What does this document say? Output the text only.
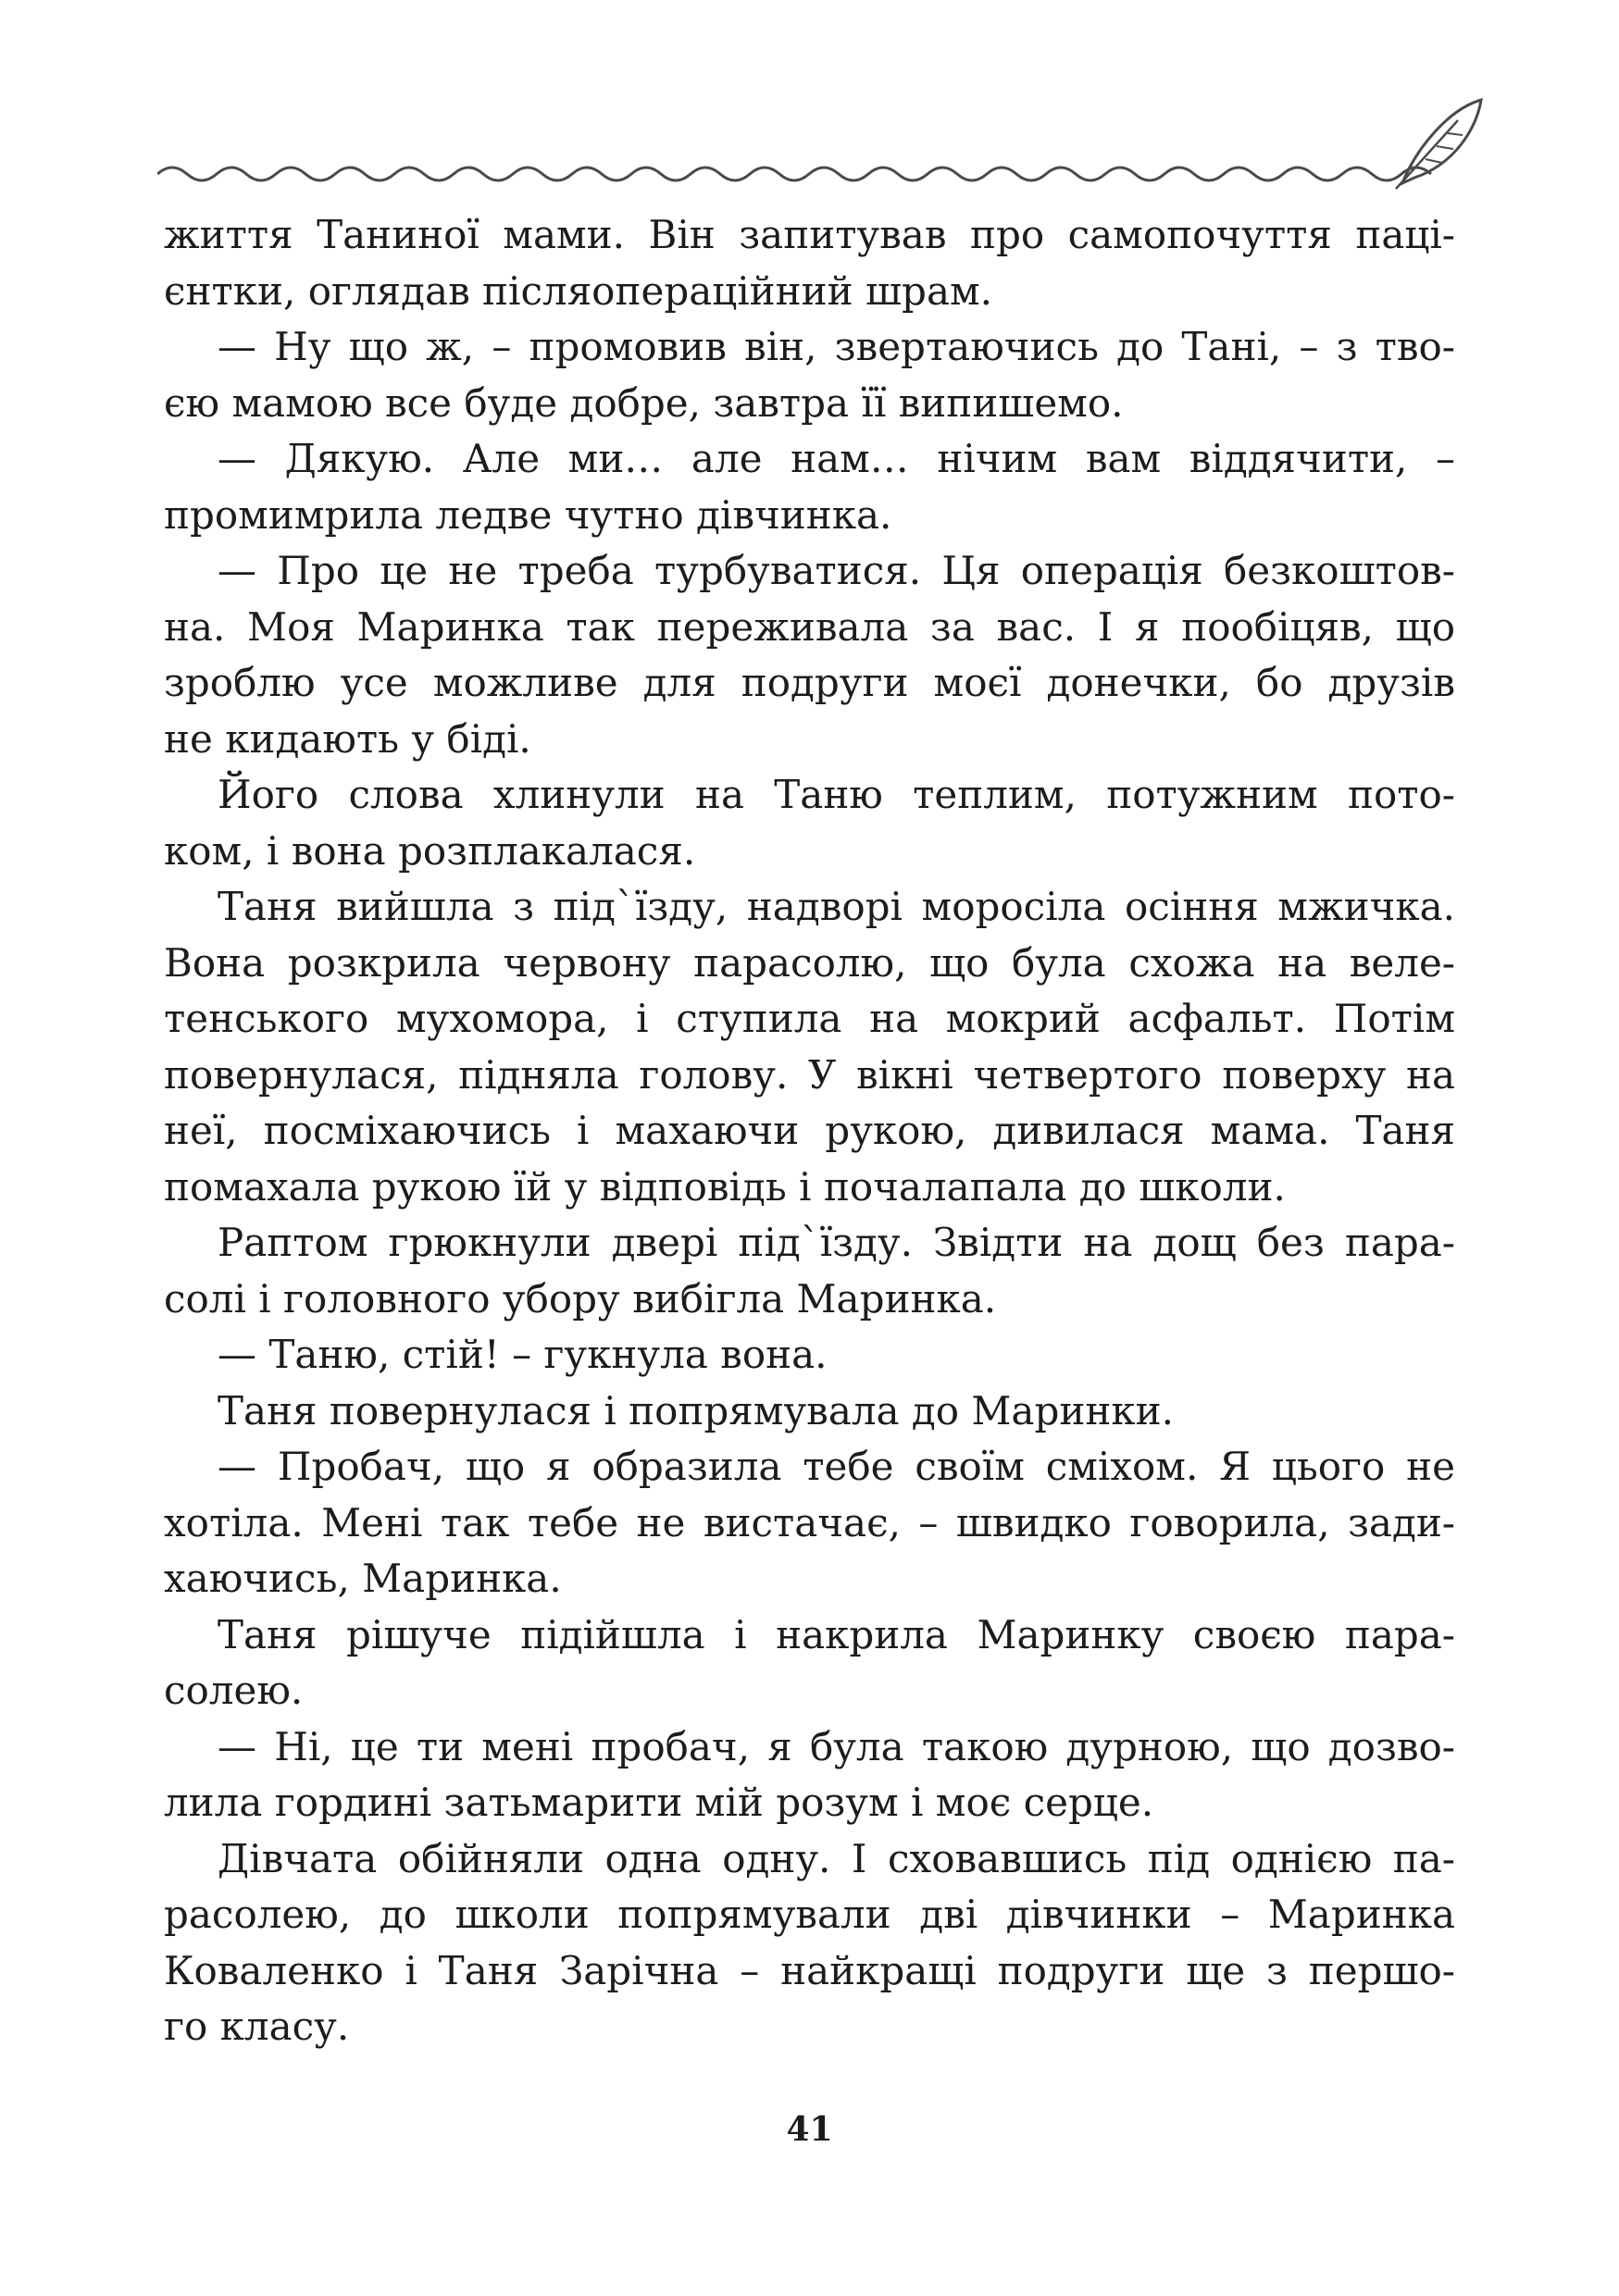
життя Таниної мами. Він запитував про самопочуття паці-
єнтки, оглядав післяопераційний шрам.
— Ну що ж, – промовив він, звертаючись до Тані, – з тво-
єю мамою все буде добре, завтра її випишемо.
— Дякую. Але ми… але нам… нічим вам віддячити, –
промимрила ледве чутно дівчинка.
— Про це не треба турбуватися. Ця операція безкоштов-
на. Моя Маринка так переживала за вас. І я пообіцяв, що
зроблю усе можливе для подруги моєї донечки, бо друзів
не кидають у біді.
Його слова хлинули на Таню теплим, потужним пото-
ком, і вона розплакалася.
Таня вийшла з під`їзду, надворі моросіла осіння мжичка.
Вона розкрила червону парасолю, що була схожа на веле-
тенського мухомора, і ступила на мокрий асфальт. Потім
повернулася, підняла голову. У вікні четвертого поверху на
неї, посміхаючись і махаючи рукою, дивилася мама. Таня
помахала рукою їй у відповідь і почалапала до школи.
Раптом грюкнули двері під`їзду. Звідти на дощ без пара-
солі і головного убору вибігла Маринка.
— Таню, стій! – гукнула вона.
Таня повернулася і попрямувала до Маринки.
— Пробач, що я образила тебе своїм сміхом. Я цього не
хотіла. Мені так тебе не вистачає, – швидко говорила, зади-
хаючись, Маринка.
Таня рішуче підійшла і накрила Маринку своєю пара-
солею.
— Ні, це ти мені пробач, я була такою дурною, що дозво-
лила гордині затьмарити мій розум і моє серце.
Дівчата обійняли одна одну. І сховавшись під однією па-
расолею, до школи попрямували дві дівчинки – Маринка
Коваленко і Таня Зарічна – найкращі подруги ще з першо-
го класу.
41
